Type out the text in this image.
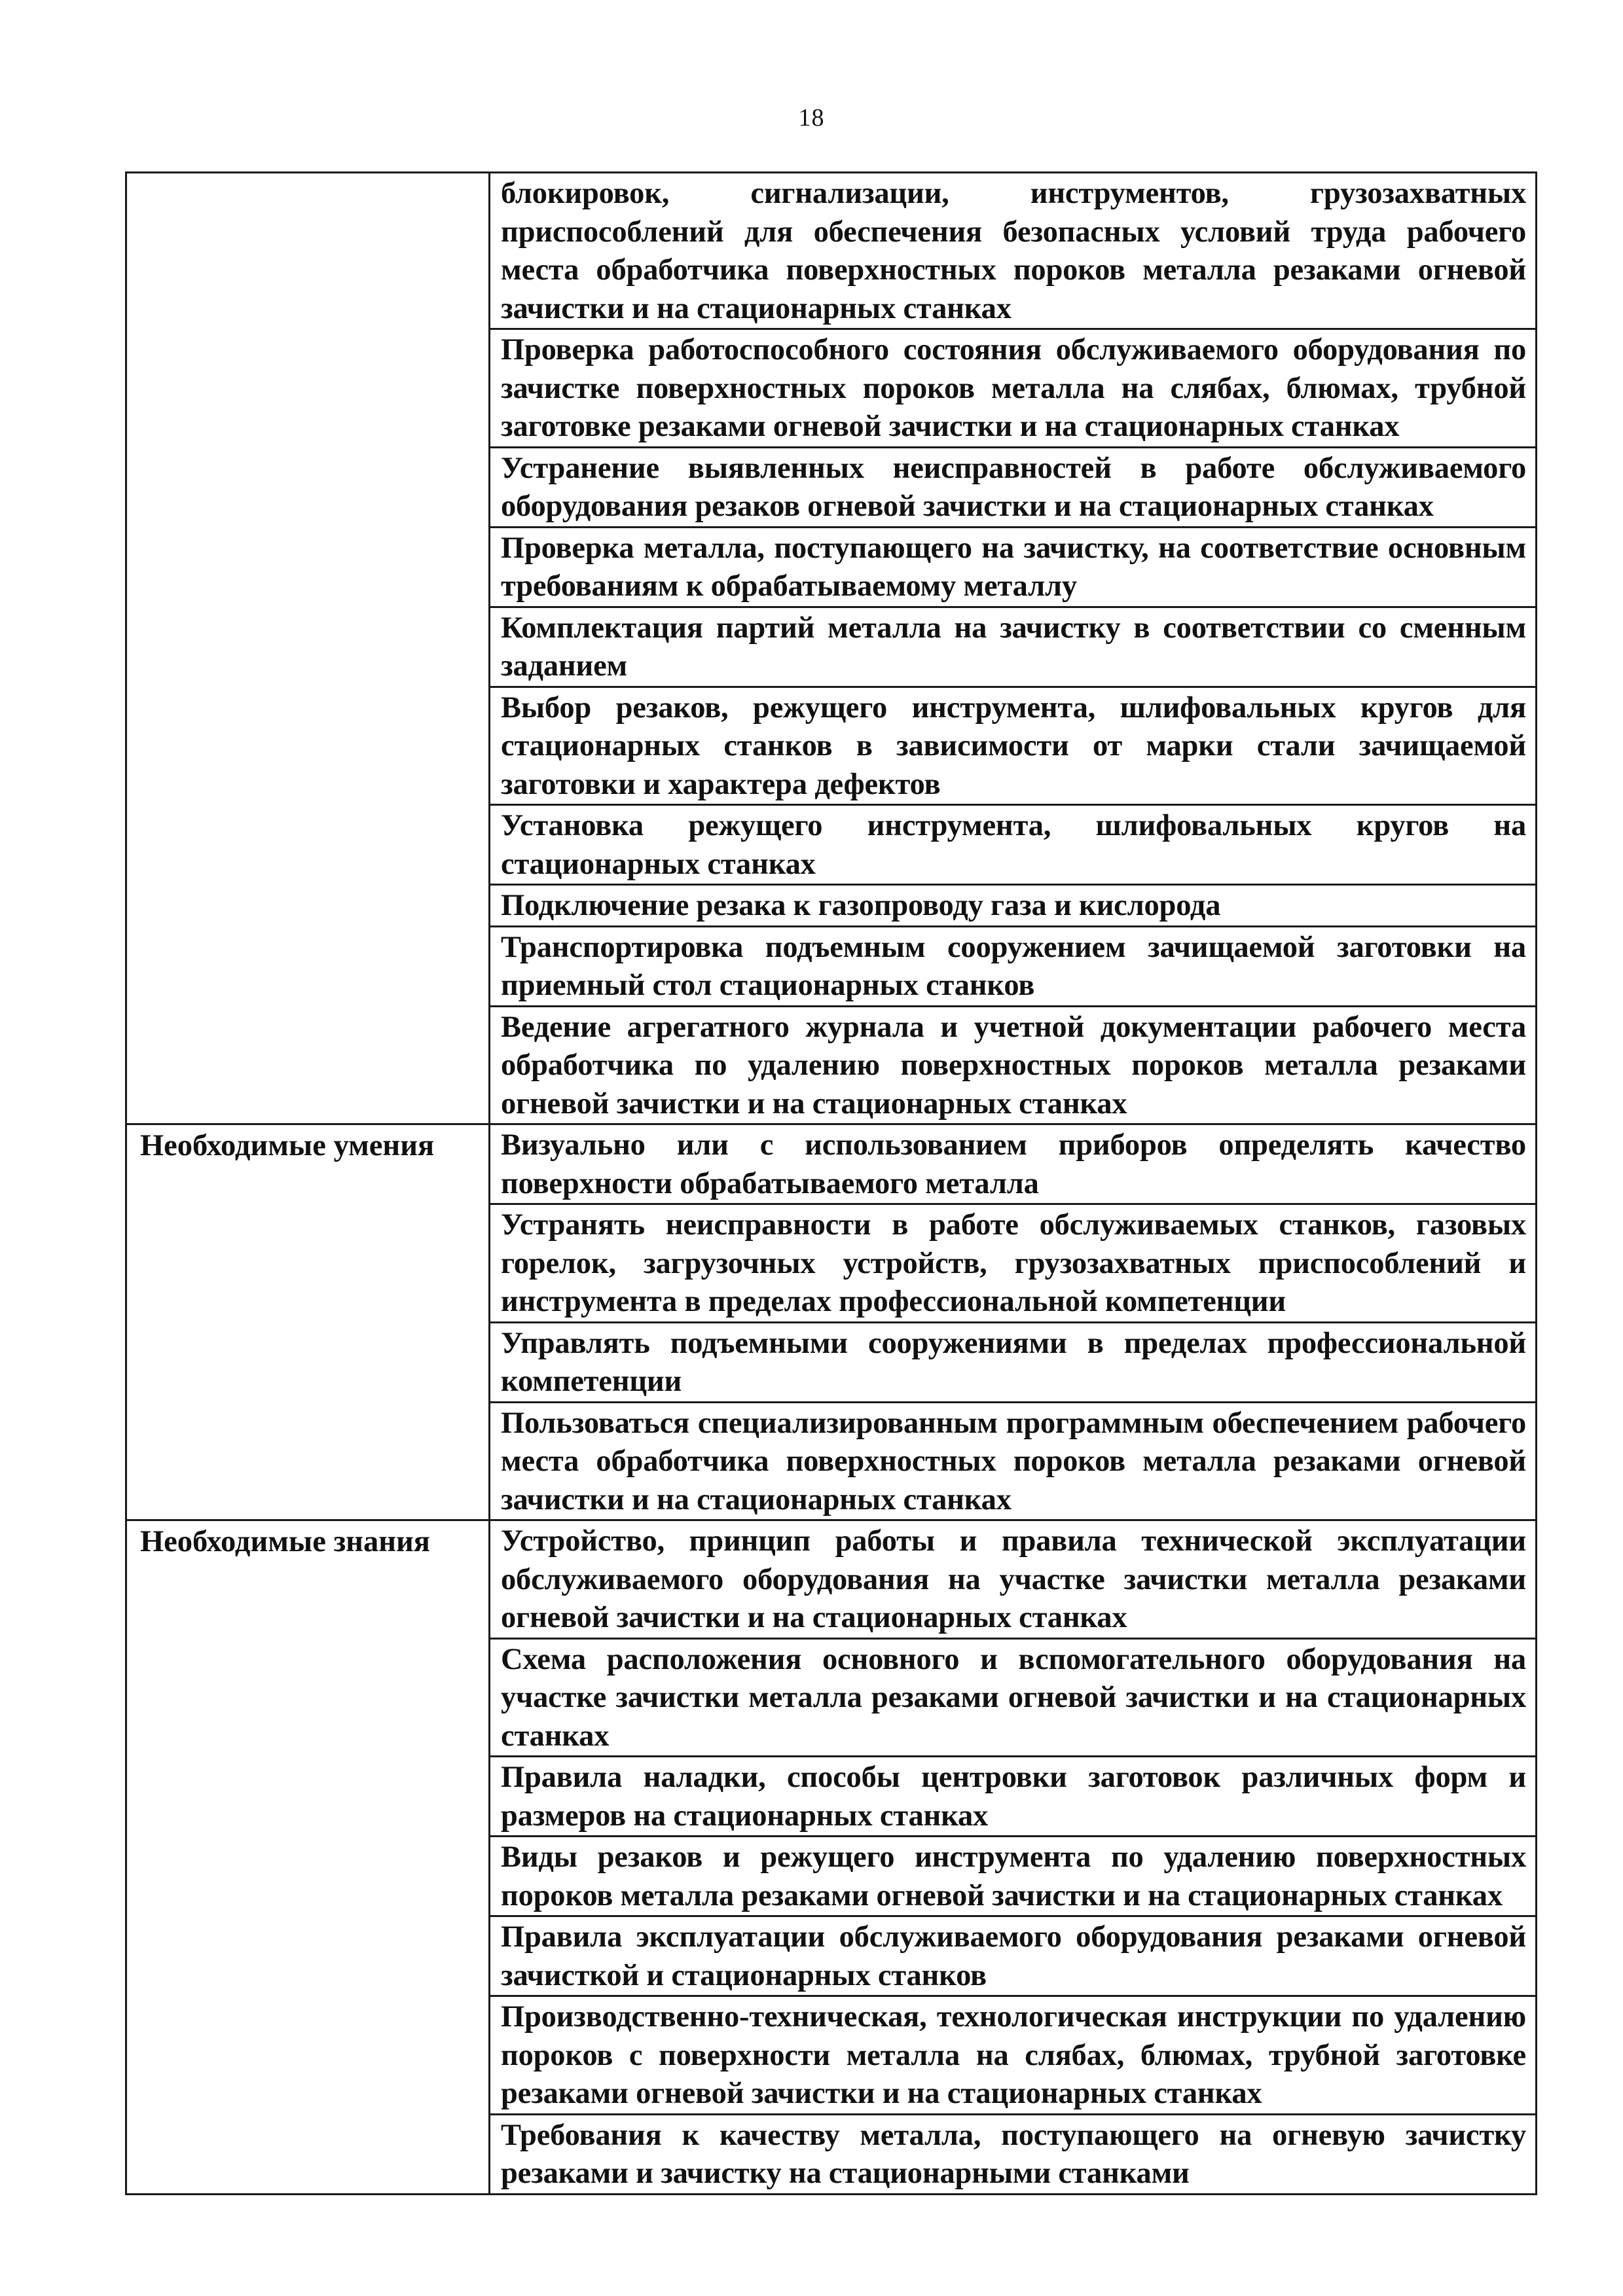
18
	блокировок, сигнализации, инструментов, грузозахватных приспособлений для обеспечения безопасных условий труда рабочего места обработчика поверхностных пороков металла резаками огневой зачистки и на стационарных станках
	Проверка работоспособного состояния обслуживаемого оборудования по зачистке поверхностных пороков металла на слябах, блюмах, трубной заготовке резаками огневой зачистки и на стационарных станках
	Устранение выявленных неисправностей в работе обслуживаемого оборудования резаков огневой зачистки и на стационарных станках
	Проверка металла, поступающего на зачистку, на соответствие основным требованиям к обрабатываемому металлу
	Комплектация партий металла на зачистку в соответствии со сменным заданием
	Выбор резаков, режущего инструмента, шлифовальных кругов для стационарных станков в зависимости от марки стали зачищаемой заготовки и характера дефектов
	Установка режущего инструмента, шлифовальных кругов на стационарных станках
	Подключение резака к газопроводу газа и кислорода
	Транспортировка подъемным сооружением зачищаемой заготовки на приемный стол стационарных станков
	Ведение агрегатного журнала и учетной документации рабочего места обработчика по удалению поверхностных пороков металла резаками огневой зачистки и на стационарных станках
Необходимые умения	Визуально или с использованием приборов определять качество поверхности обрабатываемого металла
	Устранять неисправности в работе обслуживаемых станков, газовых горелок, загрузочных устройств, грузозахватных приспособлений и инструмента в пределах профессиональной компетенции
	Управлять подъемными сооружениями в пределах профессиональной компетенции
	Пользоваться специализированным программным обеспечением рабочего места обработчика поверхностных пороков металла резаками огневой зачистки и на стационарных станках
Необходимые знания	Устройство, принцип работы и правила технической эксплуатации обслуживаемого оборудования на участке зачистки металла резаками огневой зачистки и на стационарных станках
	Схема расположения основного и вспомогательного оборудования на участке зачистки металла резаками огневой зачистки и на стационарных станках
	Правила наладки, способы центровки заготовок различных форм и размеров на стационарных станках
	Виды резаков и режущего инструмента по удалению поверхностных пороков металла резаками огневой зачистки и на стационарных станках
	Правила эксплуатации обслуживаемого оборудования резаками огневой зачисткой и стационарных станков
	Производственно-техническая, технологическая инструкции по удалению пороков с поверхности металла на слябах, блюмах, трубной заготовке резаками огневой зачистки и на стационарных станках
	Требования к качеству металла, поступающего на огневую зачистку резаками и зачистку на стационарными станками
